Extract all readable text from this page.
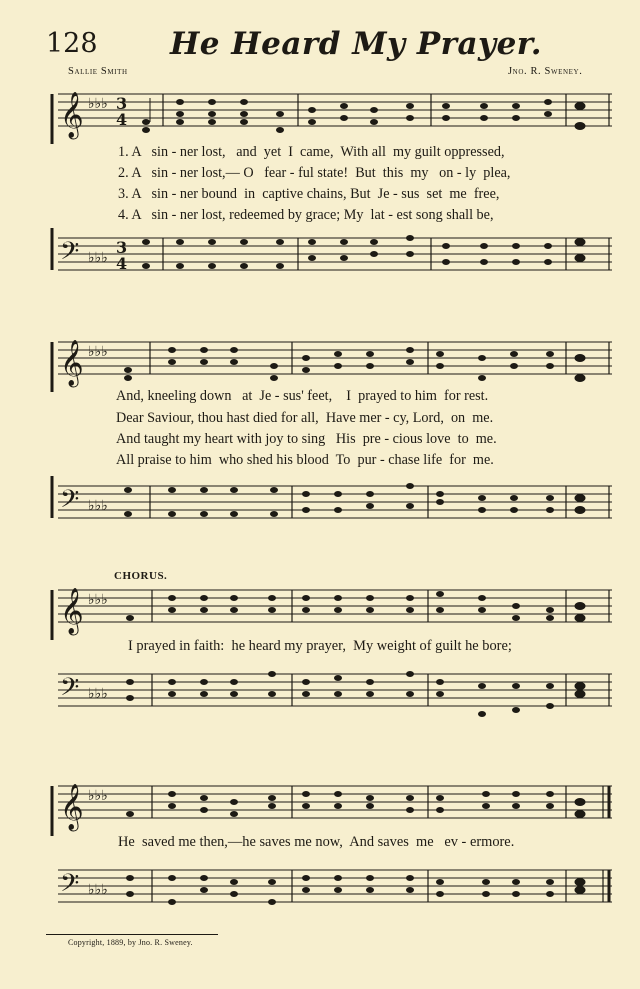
128 He Heard My Prayer.
Sallie Smith	Jno. R. Sweney.
𝄞 ♭♭♭ 3
4
1. A   sin - ner lost,   and  yet  I  came,  With all  my guilt oppressed,
2. A   sin - ner lost,— O   fear - ful state!  But  this  my   on - ly  plea,
3. A   sin - ner bound  in  captive chains, But  Je - sus  set  me  free,
4. A   sin - ner lost, redeemed by grace; My  lat - est song shall be,
𝄢 ♭♭♭
3
4
𝄞 ♭♭♭
And, kneeling down   at  Je - sus' feet,    I  prayed to him  for rest.
Dear Saviour, thou hast died for all,  Have mer - cy, Lord,  on  me.
And taught my heart with joy to sing   His  pre - cious love  to  me.
All praise to him  who shed his blood  To  pur - chase life  for  me.
𝄢 ♭♭♭
CHORUS.
𝄞 ♭♭♭
I prayed in faith:  he heard my prayer,  My weight of guilt he bore;
𝄢 ♭♭♭
𝄞 ♭♭♭
He  saved me then,—he saves me now,  And saves  me   ev - ermore.
𝄢 ♭♭♭
Copyright, 1889, by Jno. R. Sweney.
